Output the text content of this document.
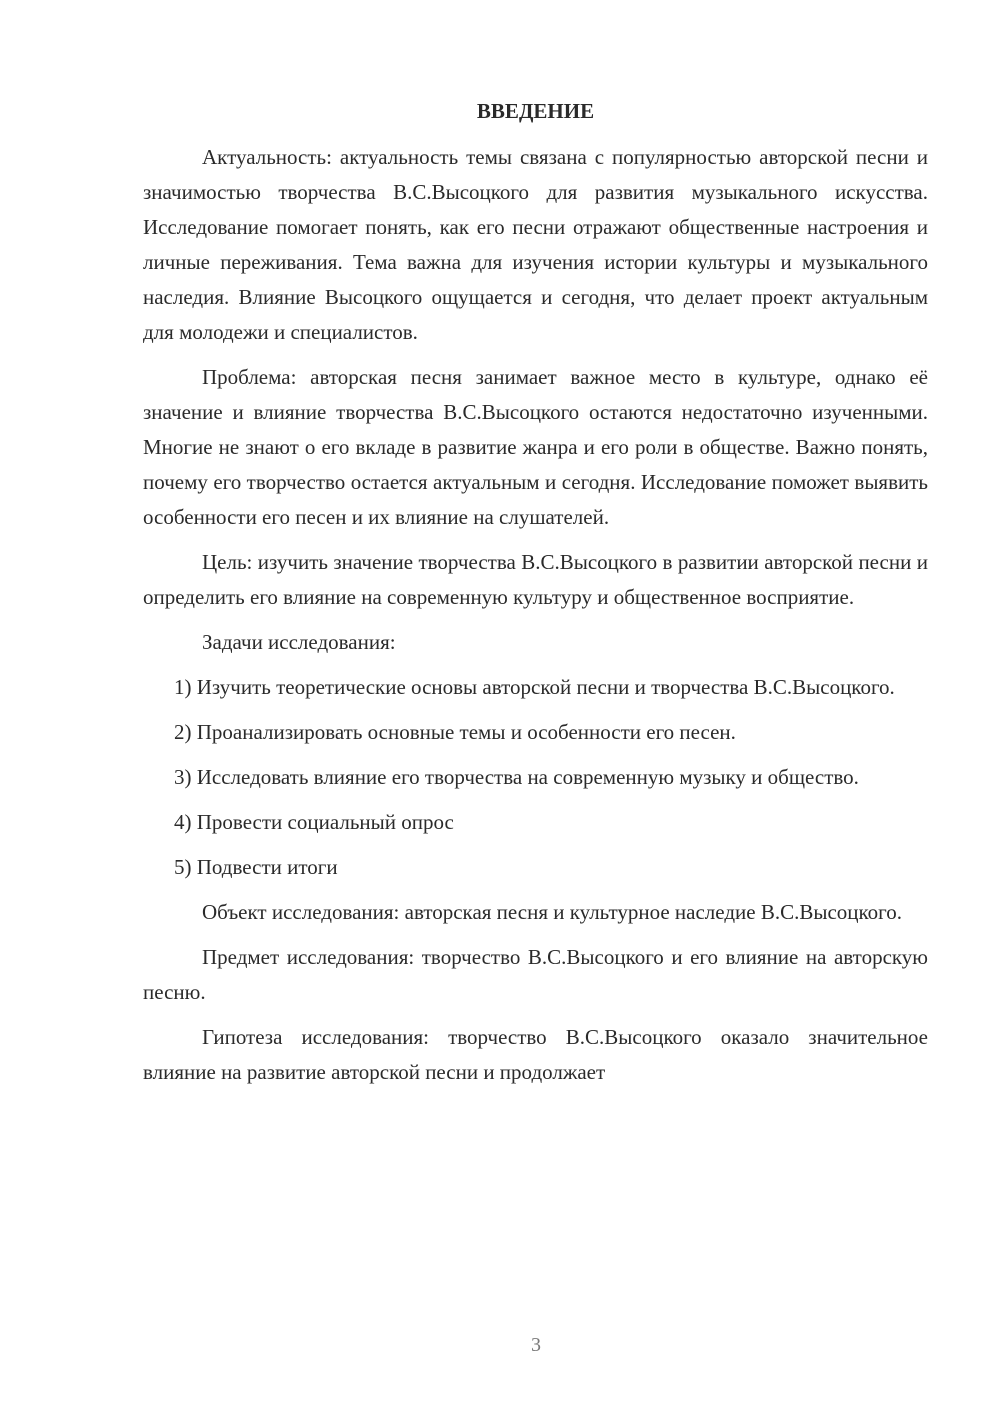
ВВЕДЕНИЕ

Актуальность: актуальность темы связана с популярностью авторской песни и значимостью творчества В.С.Высоцкого для развития музыкального искусства. Исследование помогает понять, как его песни отражают общественные настроения и личные переживания. Тема важна для изучения истории культуры и музыкального наследия. Влияние Высоцкого ощущается и сегодня, что делает проект актуальным для молодежи и специалистов.

Проблема: авторская песня занимает важное место в культуре, однако её значение и влияние творчества В.С.Высоцкого остаются недостаточно изученными. Многие не знают о его вкладе в развитие жанра и его роли в обществе. Важно понять, почему его творчество остается актуальным и сегодня. Исследование поможет выявить особенности его песен и их влияние на слушателей.

Цель: изучить значение творчества В.С.Высоцкого в развитии авторской песни и определить его влияние на современную культуру и общественное восприятие.

Задачи исследования:

1) Изучить теоретические основы авторской песни и творчества В.С.Высоцкого.

2) Проанализировать основные темы и особенности его песен.

3) Исследовать влияние его творчества на современную музыку и общество.

4) Провести социальный опрос

5) Подвести итоги

Объект исследования: авторская песня и культурное наследие В.С.Высоцкого.

Предмет исследования: творчество В.С.Высоцкого и его влияние на авторскую песню.

Гипотеза исследования: творчество В.С.Высоцкого оказало значительное влияние на развитие авторской песни и продолжает

3
